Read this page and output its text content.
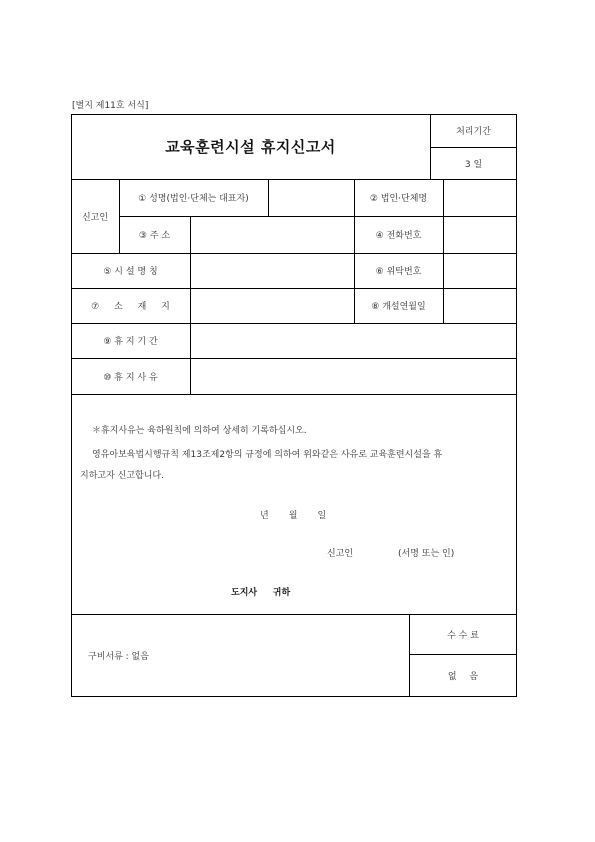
[별지 제11호 서식]
교육훈련시설 휴지신고서
처리기간
3 일
신고인
① 성명(법인·단체는 대표자)	② 법인·단체명
③ 주 소	④ 전화번호
⑤ 시 설 명 칭	⑥ 위탁번호
⑦ 소 재 지	⑧ 개설연월일
⑨ 휴 지 기 간
⑩ 휴 지 사 유
＊휴지사유는 육하원칙에 의하여 상세히 기록하십시오.
영유아보육법시행규칙 제13조제2항의 규정에 의하여 위와같은 사유로 교육훈련시설을 휴
지하고자 신고합니다.
년       월       일
신고인	(서명 또는 인)
도지사     귀하
구비서류 : 없음
수 수 료
없 음
